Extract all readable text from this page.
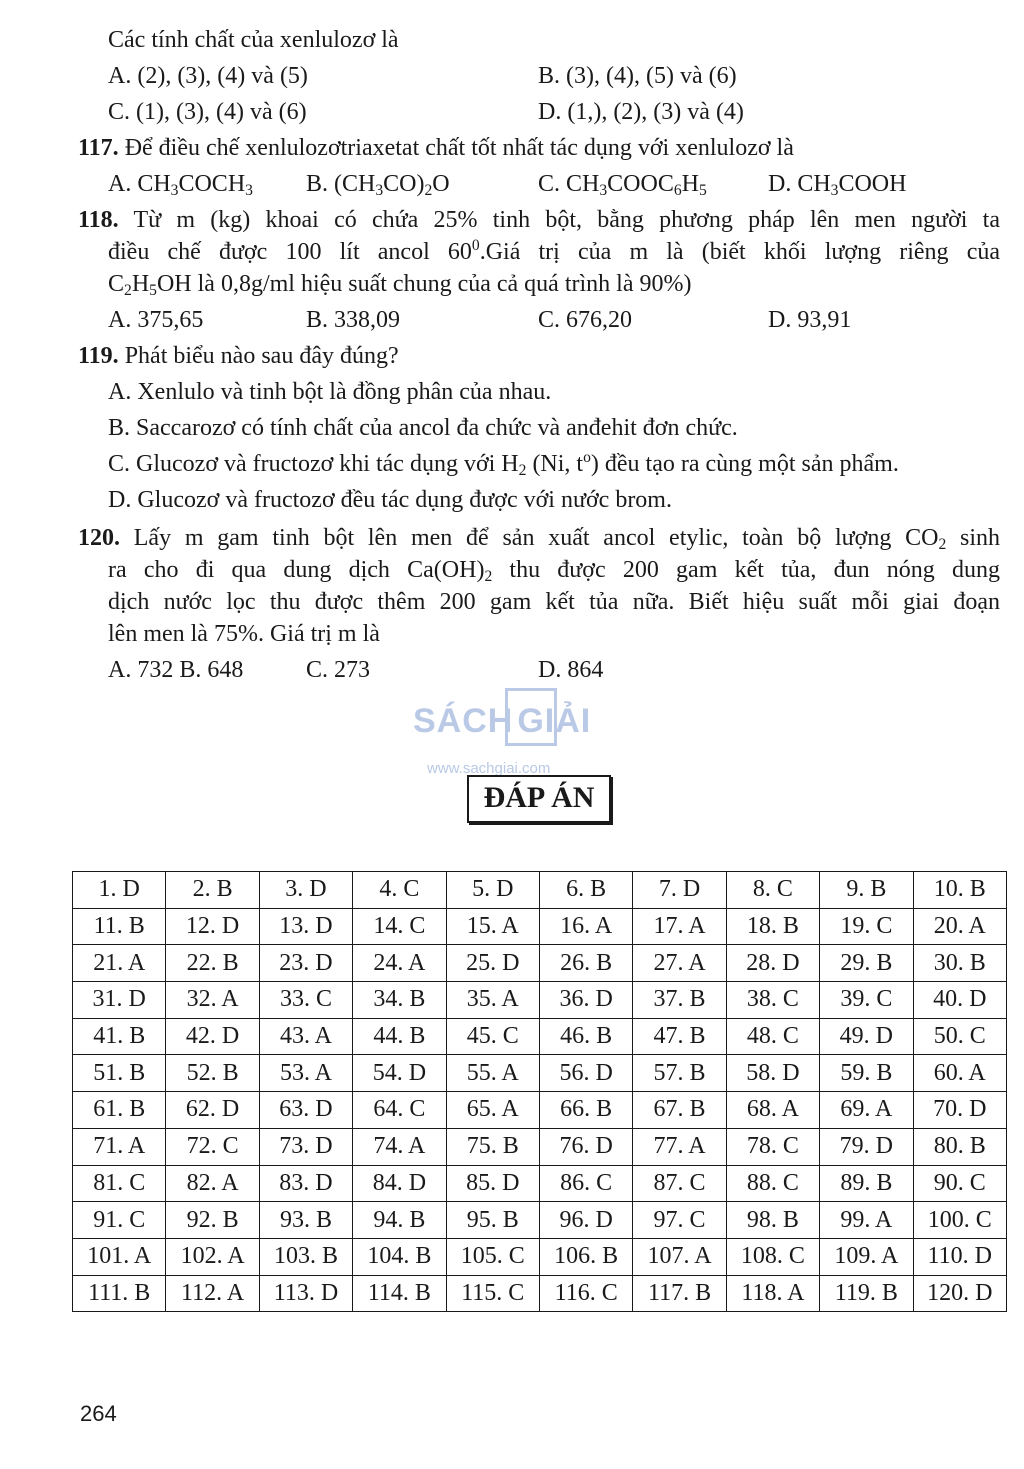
Các tính chất của xenlulozơ là
A. (2), (3), (4) và (5)	B. (3), (4), (5) và (6)
C. (1), (3), (4) và (6)	D. (1,), (2), (3) và (4)
117. Để điều chế xenlulozơtriaxetat chất tốt nhất tác dụng với xenlulozơ là
A. $CH_3COCH_3$ B. $(CH_3CO)_2O$	C. $CH_3COOC_6H_5$	D. $CH_3COOH$
118. Từ m (kg) khoai có chứa 25% tinh bột, bằng phương pháp lên men người ta
điều chế được 100 lít ancol $60^0.Giá$ trị của m là (biết khối lượng riêng của
$C_2H_5OH$ là 0,8g/ml hiệu suất chung của cả quá trình là 90%)
A. 375,65	B. 338,09	C. 676,20	D. 93,91
119. Phát biểu nào sau đây đúng?
A. Xenlulo và tinh bột là đồng phân của nhau.
B. Saccarozơ có tính chất của ancol đa chức và anđehit đơn chức.
C. Glucozơ và fructozơ khi tác dụng với $H_2$ (Ni, $t^o$) đều tạo ra cùng một sản phẩm.
D. Glucozơ và fructozơ đều tác dụng được với nước brom.
120. Lấy m gam tinh bột lên men để sản xuất ancol etylic, toàn bộ lượng $CO_2$ sinh
ra cho đi qua dung dịch $Ca(OH)_2$ thu được 200 gam kết tủa, đun nóng dung
dịch nước lọc thu được thêm 200 gam kết tủa nữa. Biết hiệu suất mỗi giai đoạn
lên men là 75%. Giá trị m là
A. 732 B. 648	C. 273	D. 864
SÁCH GIẢI
www.sachgiai.com
ĐÁP ÁN
1. D	2. B	3. D	4. C	5. D	6. B	7. D	8. C	9. B	10. B
11. B	12. D	13. D	14. C	15. A	16. A	17. A	18. B	19. C	20. A
21. A	22. B	23. D	24. A	25. D	26. B	27. A	28. D	29. B	30. B
31. D	32. A	33. C	34. B	35. A	36. D	37. B	38. C	39. C	40. D
41. B	42. D	43. A	44. B	45. C	46. B	47. B	48. C	49. D	50. C
51. B	52. B	53. A	54. D	55. A	56. D	57. B	58. D	59. B	60. A
61. B	62. D	63. D	64. C	65. A	66. B	67. B	68. A	69. A	70. D
71. A	72. C	73. D	74. A	75. B	76. D	77. A	78. C	79. D	80. B
81. C	82. A	83. D	84. D	85. D	86. C	87. C	88. C	89. B	90. C
91. C	92. B	93. B	94. B	95. B	96. D	97. C	98. B	99. A	100. C
101. A	102. A	103. B	104. B	105. C	106. B	107. A	108. C	109. A	110. D
111. B	112. A	113. D	114. B	115. C	116. C	117. B	118. A	119. B	120. D
264
